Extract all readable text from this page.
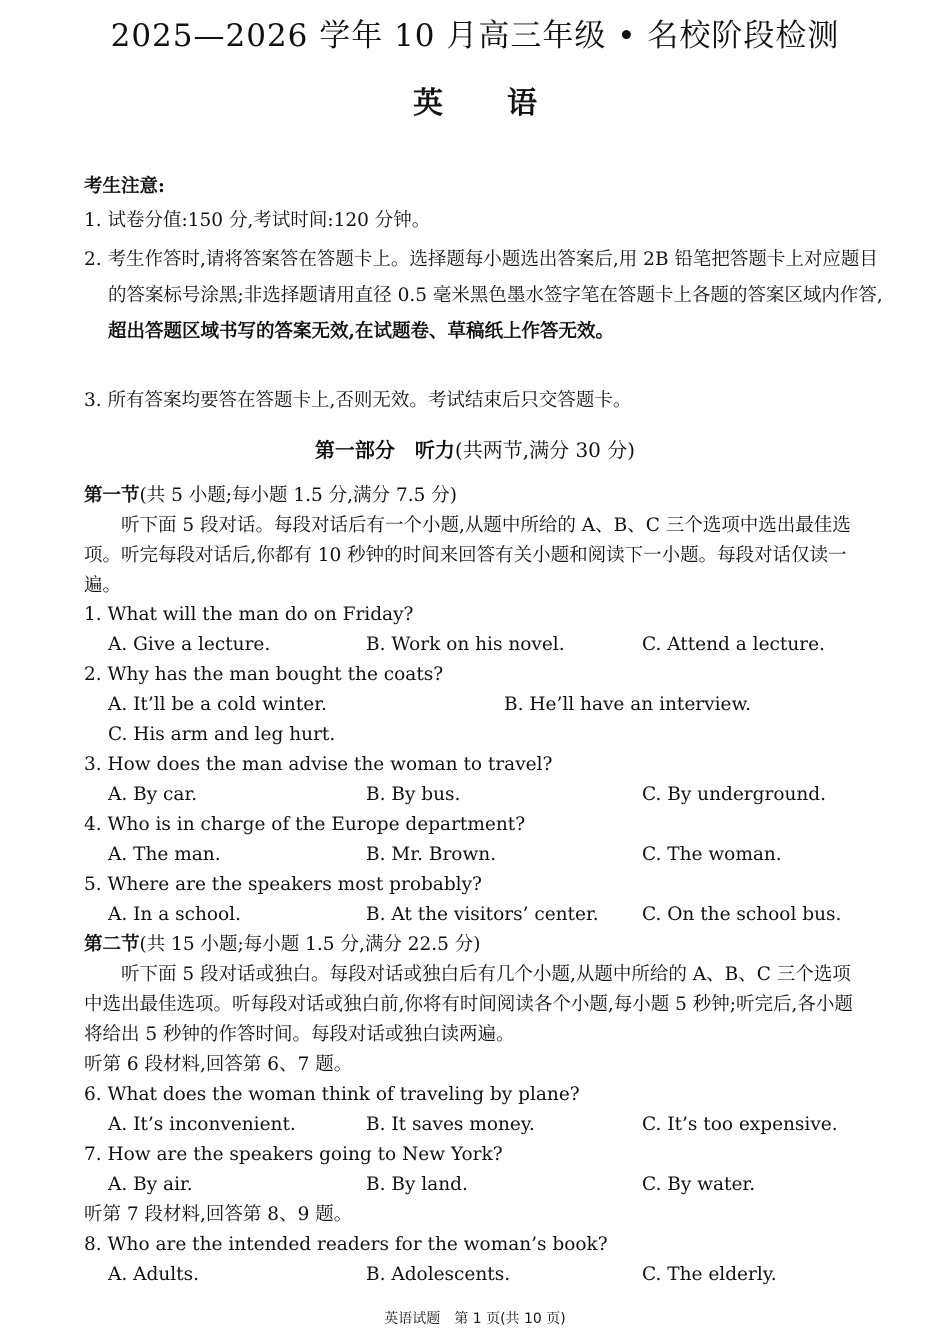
2025—2026 学年 10 月高三年级 • 名校阶段检测
英 语
考生注意:
1. 试卷分值:150 分,考试时间:120 分钟。
2. 考生作答时,请将答案答在答题卡上。选择题每小题选出答案后,用 2B 铅笔把答题卡上对应题目的答案标号涂黑;非选择题请用直径 0.5 毫米黑色墨水签字笔在答题卡上各题的答案区域内作答,超出答题区域书写的答案无效,在试题卷、草稿纸上作答无效。
3. 所有答案均要答在答题卡上,否则无效。考试结束后只交答题卡。
第一部分　听力(共两节,满分 30 分)
第一节(共 5 小题;每小题 1.5 分,满分 7.5 分)
听下面 5 段对话。每段对话后有一个小题,从题中所给的 A、B、C 三个选项中选出最佳选项。听完每段对话后,你都有 10 秒钟的时间来回答有关小题和阅读下一小题。每段对话仅读一遍。
1. What will the man do on Friday?
A. Give a lecture.	B. Work on his novel.	C. Attend a lecture.
2. Why has the man bought the coats?
A. It’ll be a cold winter.	B. He’ll have an interview.
C. His arm and leg hurt.
3. How does the man advise the woman to travel?
A. By car.	B. By bus.	C. By underground.
4. Who is in charge of the Europe department?
A. The man.	B. Mr. Brown.	C. The woman.
5. Where are the speakers most probably?
A. In a school.	B. At the visitors’ center. C. On the school bus.
第二节(共 15 小题;每小题 1.5 分,满分 22.5 分)
听下面 5 段对话或独白。每段对话或独白后有几个小题,从题中所给的 A、B、C 三个选项中选出最佳选项。听每段对话或独白前,你将有时间阅读各个小题,每小题 5 秒钟;听完后,各小题将给出 5 秒钟的作答时间。每段对话或独白读两遍。
听第 6 段材料,回答第 6、7 题。
6. What does the woman think of traveling by plane?
A. It’s inconvenient.	B. It saves money.	C. It’s too expensive.
7. How are the speakers going to New York?
A. By air.	B. By land.	C. By water.
听第 7 段材料,回答第 8、9 题。
8. Who are the intended readers for the woman’s book?
A. Adults.	B. Adolescents.	C. The elderly.
英语试题　第 1 页(共 10 页)
